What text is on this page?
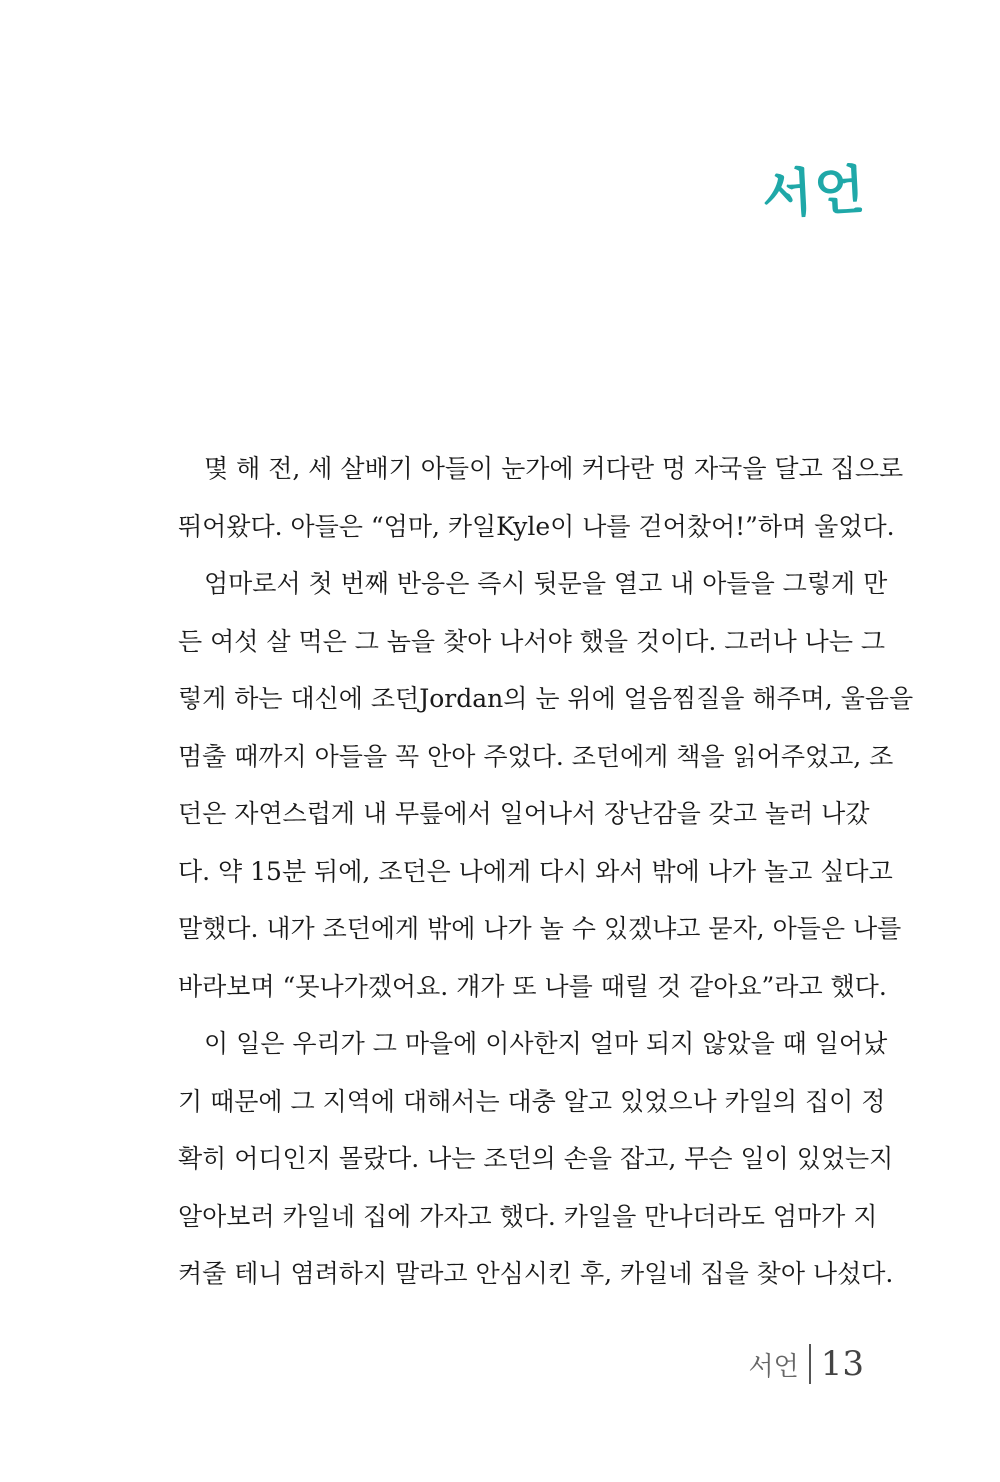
서언
몇 해 전, 세 살배기 아들이 눈가에 커다란 멍 자국을 달고 집으로
뛰어왔다. 아들은 “엄마, 카일Kyle이 나를 걷어찼어!”하며 울었다.
엄마로서 첫 번째 반응은 즉시 뒷문을 열고 내 아들을 그렇게 만
든 여섯 살 먹은 그 놈을 찾아 나서야 했을 것이다. 그러나 나는 그
렇게 하는 대신에 조던Jordan의 눈 위에 얼음찜질을 해주며, 울음을
멈출 때까지 아들을 꼭 안아 주었다. 조던에게 책을 읽어주었고, 조
던은 자연스럽게 내 무릎에서 일어나서 장난감을 갖고 놀러 나갔
다. 약 15분 뒤에, 조던은 나에게 다시 와서 밖에 나가 놀고 싶다고
말했다. 내가 조던에게 밖에 나가 놀 수 있겠냐고 묻자, 아들은 나를
바라보며 “못나가겠어요. 걔가 또 나를 때릴 것 같아요”라고 했다.
이 일은 우리가 그 마을에 이사한지 얼마 되지 않았을 때 일어났
기 때문에 그 지역에 대해서는 대충 알고 있었으나 카일의 집이 정
확히 어디인지 몰랐다. 나는 조던의 손을 잡고, 무슨 일이 있었는지
알아보러 카일네 집에 가자고 했다. 카일을 만나더라도 엄마가 지
켜줄 테니 염려하지 말라고 안심시킨 후, 카일네 집을 찾아 나섰다.
서언 13
